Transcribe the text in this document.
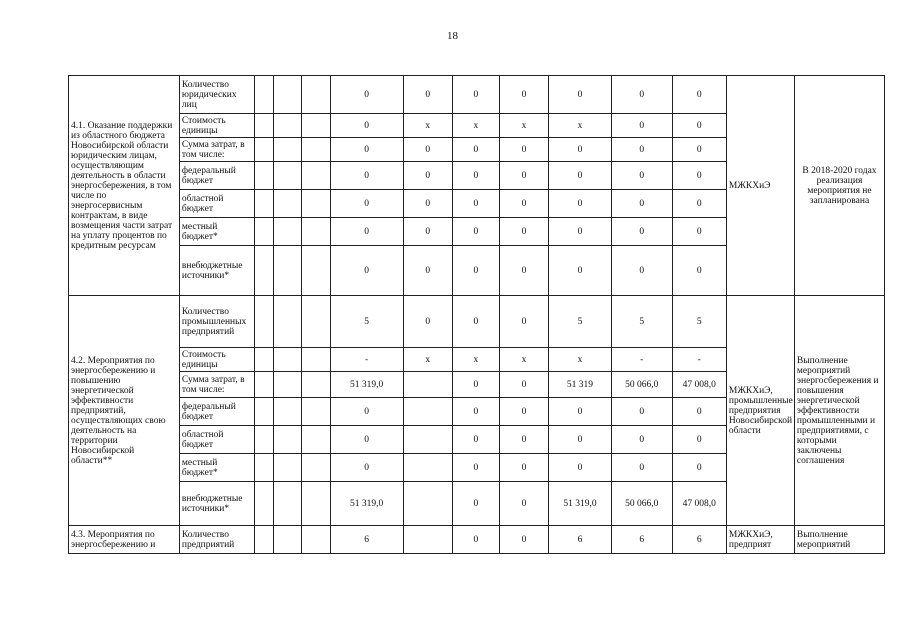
18
4.1. Оказание поддержки из областного бюджета Новосибирской области юридическим лицам, осуществляющим деятельность в области энергосбережения, в том числе по энергосервисным контрактам, в виде возмещения части затрат на уплату процентов по кредитным ресурсам	Количество юридических лиц				0	0	0	0	0	0	0	МЖКХиЭ	В 2018-2020 годах реализация мероприятия не запланирована
	Стоимость единицы				0	х	х	х	х	0	0		
	Сумма затрат, в том числе:				0	0	0	0	0	0	0		
	федеральный бюджет				0	0	0	0	0	0	0		
	областной бюджет				0	0	0	0	0	0	0		
	местный бюджет*				0	0	0	0	0	0	0		
	внебюджетные источники*				0	0	0	0	0	0	0		
4.2. Мероприятия по энергосбережению и повышению энергетической эффективности предприятий, осуществляющих свою деятельность на территории Новосибирской области**	Количество промышленных предприятий				5	0	0	0	5	5	5	МЖКХиЭ, промышленные предприятия Новосибирской области	Выполнение мероприятий энергосбережения и повышения энергетической эффективности промышленными и предприятиями, с которыми заключены соглашения
	Стоимость единицы				-	х	х	х	х	-	-		
	Сумма затрат, в том числе:				51 319,0		0	0	51 319	50 066,0	47 008,0		
	федеральный бюджет				0		0	0	0	0	0		
	областной бюджет				0		0	0	0	0	0		
	местный бюджет*				0		0	0	0	0	0		
	внебюджетные источники*				51 319,0		0	0	51 319,0	50 066,0	47 008,0		
4.3. Мероприятия по энергосбережению и	Количество предприятий				6		0	0	6	6	6	МЖКХиЭ, предприят	Выполнение мероприятий
